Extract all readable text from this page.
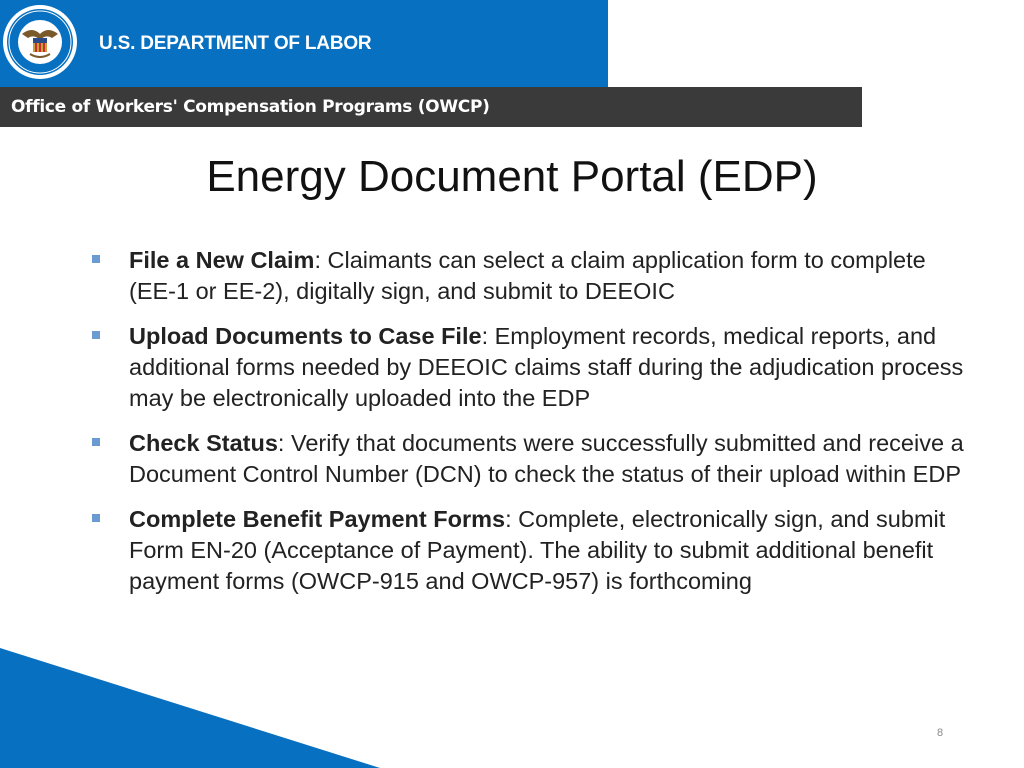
U.S. DEPARTMENT OF LABOR
Office of Workers' Compensation Programs (OWCP)
Energy Document Portal (EDP)
File a New Claim: Claimants can select a claim application form to complete (EE-1 or EE-2), digitally sign, and submit to DEEOIC
Upload Documents to Case File: Employment records, medical reports, and additional forms needed by DEEOIC claims staff during the adjudication process may be electronically uploaded into the EDP
Check Status: Verify that documents were successfully submitted and receive a Document Control Number (DCN) to check the status of their upload within EDP
Complete Benefit Payment Forms: Complete, electronically sign, and submit Form EN-20 (Acceptance of Payment). The ability to submit additional benefit payment forms (OWCP-915 and OWCP-957) is forthcoming
8
